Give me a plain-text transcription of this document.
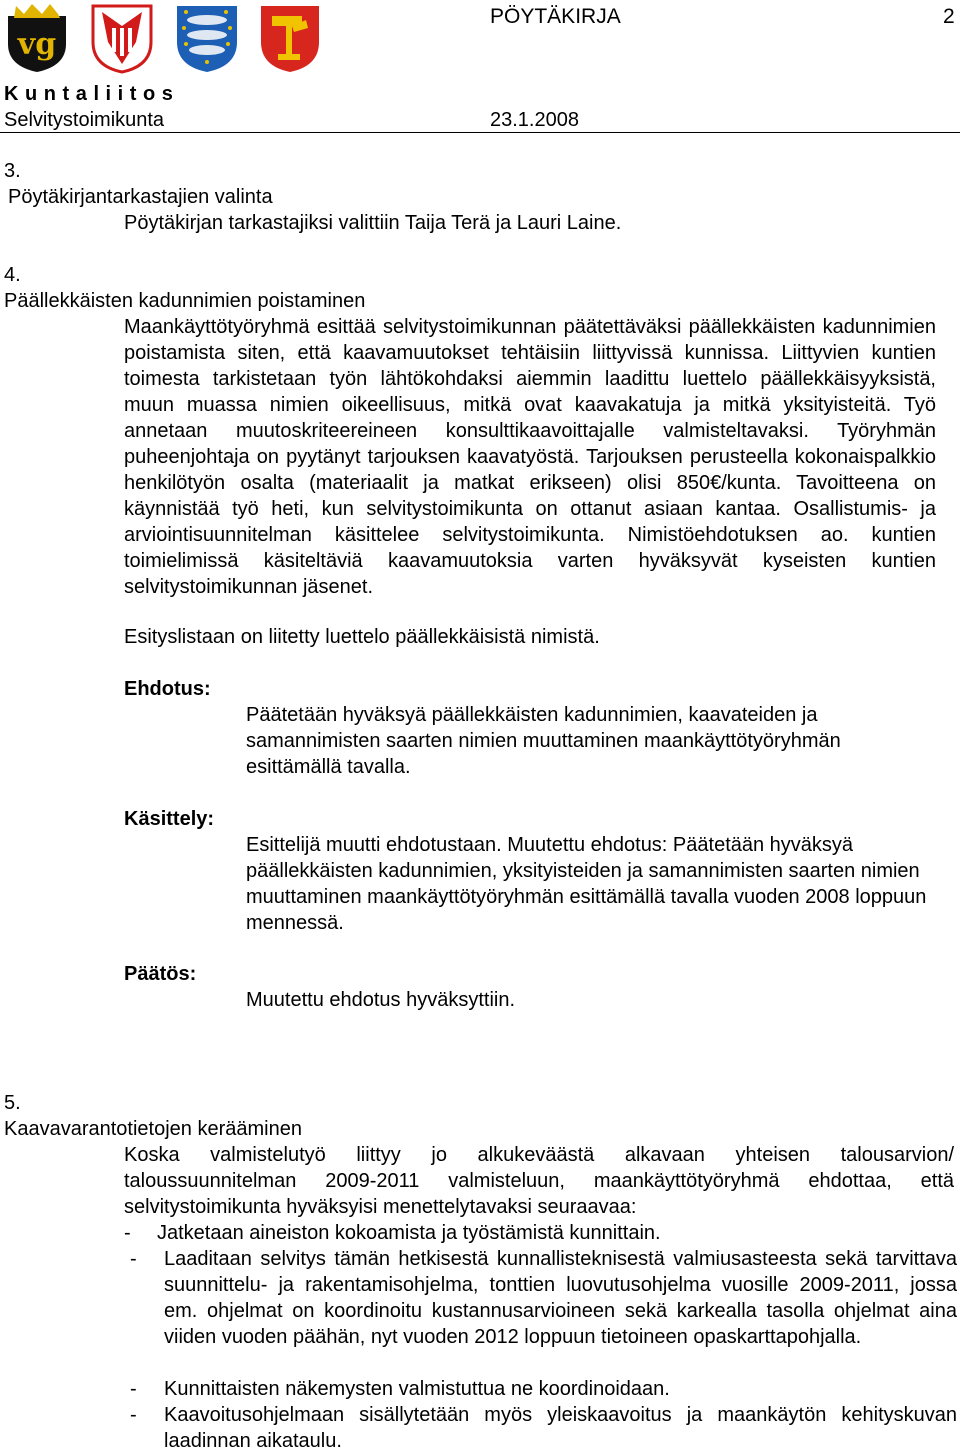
vg
PÖYTÄKIRJA	2
K u n t a l i i t o s
Selvitystoimikunta	23.1.2008
3.
Pöytäkirjantarkastajien valinta
Pöytäkirjan tarkastajiksi valittiin Taija Terä ja Lauri Laine.
4.
Päällekkäisten kadunnimien poistaminen

Maankäyttötyöryhmä esittää selvitystoimikunnan päätettäväksi päällekkäisten kadunnimien poistamista siten, että kaavamuutokset tehtäisiin liittyvissä kunnissa. Liittyvien kuntien toimesta tarkistetaan työn lähtökohdaksi aiemmin laadittu luettelo päällekkäisyyksistä, muun muassa nimien oikeellisuus, mitkä ovat kaavakatuja ja mitkä yksityisteitä. Työ annetaan muutoskriteereineen konsulttikaavoittajalle valmisteltavaksi. Työryhmän puheenjohtaja on pyytänyt tarjouksen kaavatyöstä. Tarjouksen perusteella kokonaispalkkio henkilötyön osalta (materiaalit ja matkat erikseen) olisi 850€/kunta. Tavoitteena on käynnistää työ heti, kun selvitystoimikunta on ottanut asiaan kantaa. Osallistumis- ja arviointisuunnitelman käsittelee selvitystoimikunta. Nimistöehdotuksen ao. kuntien toimielimissä käsiteltäviä kaavamuutoksia varten hyväksyvät kyseisten kuntien selvitystoimikunnan jäsenet.

Esityslistaan on liitetty luettelo päällekkäisistä nimistä.
Ehdotus:

Päätetään hyväksyä päällekkäisten kadunnimien, kaavateiden ja samannimisten saarten nimien muuttaminen maankäyttötyöryhmän esittämällä tavalla.

Käsittely:

Esittelijä muutti ehdotustaan. Muutettu ehdotus: Päätetään hyväksyä päällekkäisten kadunnimien, yksityisteiden ja samannimisten saarten nimien muuttaminen maankäyttötyöryhmän esittämällä tavalla vuoden 2008 loppuun mennessä.

Päätös:
Muutettu ehdotus hyväksyttiin.
5.
Kaavavarantotietojen kerääminen

Koska valmistelutyö liittyy jo alkukeväästä alkavaan yhteisen talousarvion/ taloussuunnitelman 2009-2011 valmisteluun, maankäyttötyöryhmä ehdottaa, että selvitystoimikunta hyväksyisi menettelytavaksi seuraavaa:

- Jatketaan aineiston kokoamista ja työstämistä kunnittain.
- Laaditaan selvitys tämän hetkisestä kunnallisteknisestä valmiusasteesta sekä tarvittava suunnittelu- ja rakentamisohjelma, tonttien luovutusohjelma vuosille 2009-2011, jossa em. ohjelmat on koordinoitu kustannusarvioineen sekä karkealla tasolla ohjelmat aina viiden vuoden päähän, nyt vuoden 2012 loppuun tietoineen opaskarttapohjalla.

- Kunnittaisten näkemysten valmistuttua ne koordinoidaan.
- Kaavoitusohjelmaan sisällytetään myös yleiskaavoitus ja maankäytön kehityskuvan laadinnan aikataulu.
